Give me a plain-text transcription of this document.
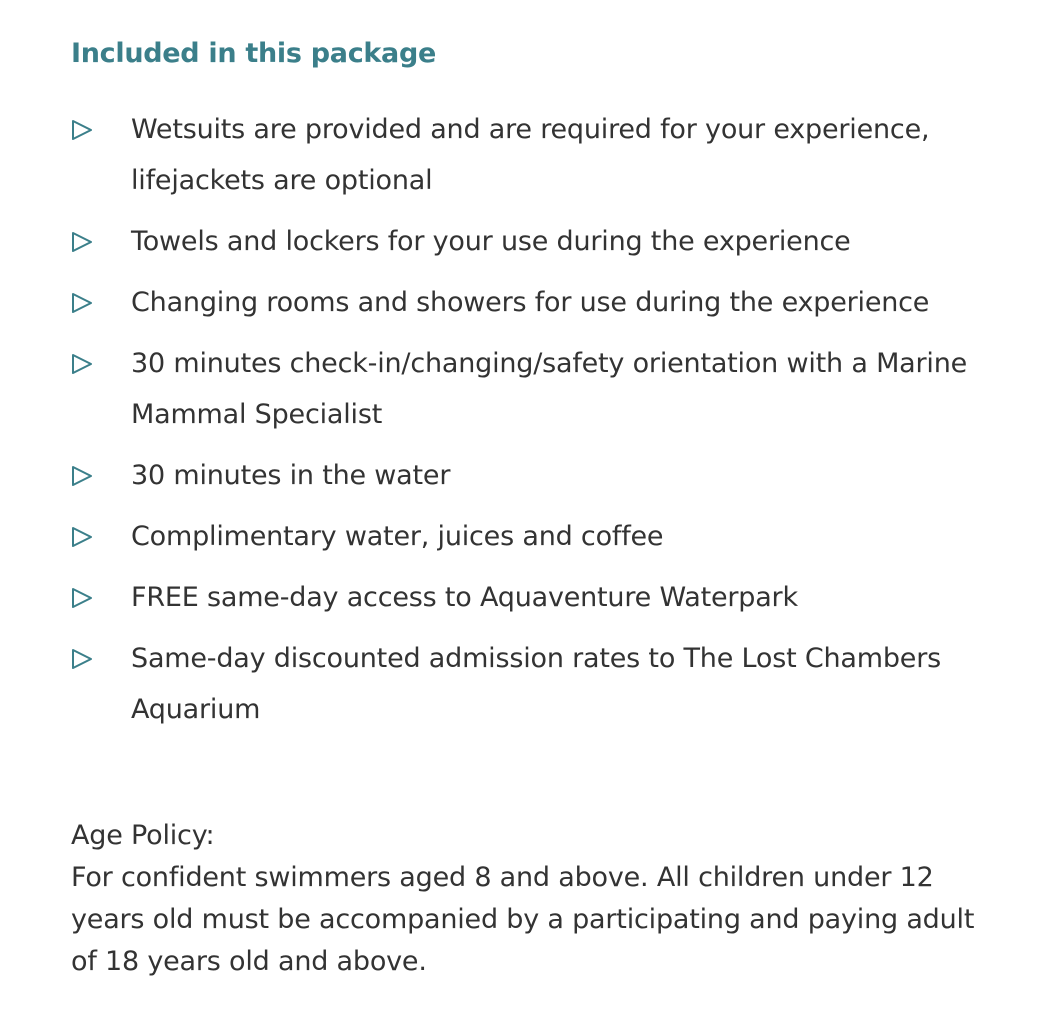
Included in this package
Wetsuits are provided and are required for your experience, lifejackets are optional
Towels and lockers for your use during the experience
Changing rooms and showers for use during the experience
30 minutes check-in/changing/safety orientation with a Marine Mammal Specialist
30 minutes in the water
Complimentary water, juices and coffee
FREE same-day access to Aquaventure Waterpark
Same-day discounted admission rates to The Lost Chambers Aquarium
Age Policy:
For confident swimmers aged 8 and above. All children under 12 years old must be accompanied by a participating and paying adult of 18 years old and above.
